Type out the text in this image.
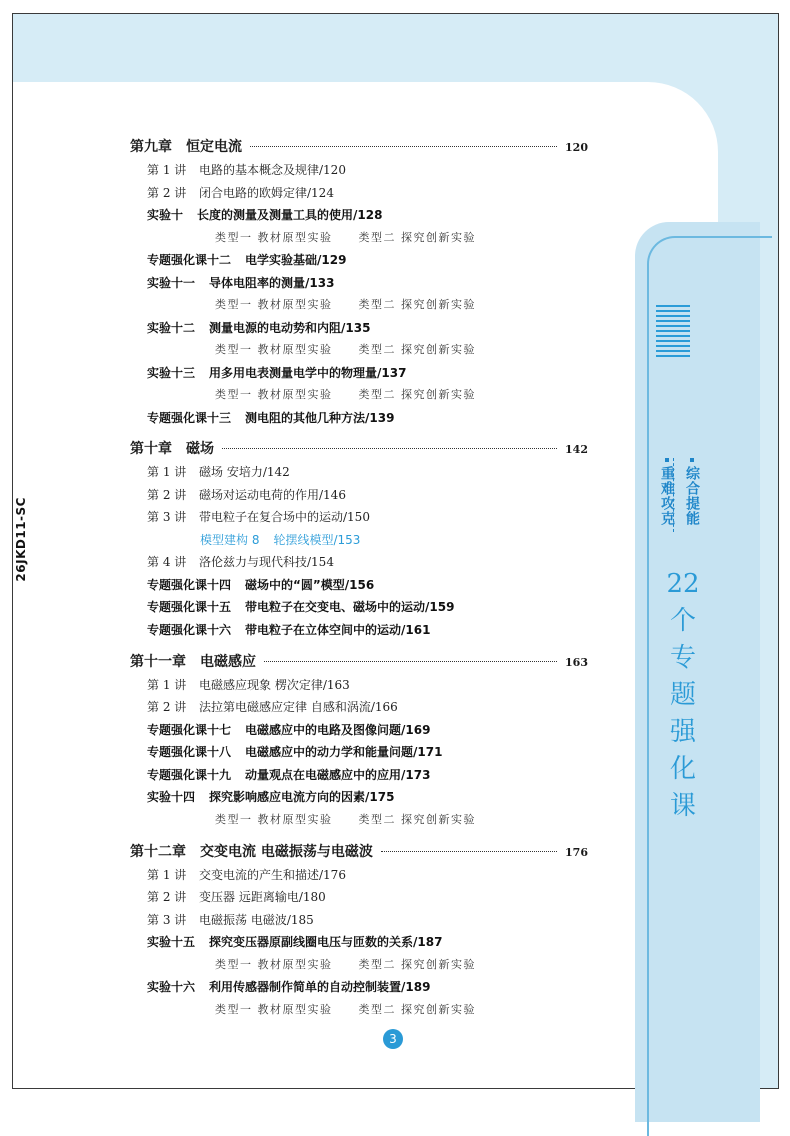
综合提能
重难攻克
22
个
专
题
强
化
课
26JKD11-SC
第九章 恒定电流	120
第 1 讲 电路的基本概念及规律/120
第 2 讲 闭合电路的欧姆定律/124
实验十 长度的测量及测量工具的使用/128
类型一 教材原型实验 类型二 探究创新实验
专题强化课十二 电学实验基础/129
实验十一 导体电阻率的测量/133
类型一 教材原型实验 类型二 探究创新实验
实验十二 测量电源的电动势和内阻/135
类型一 教材原型实验 类型二 探究创新实验
实验十三 用多用电表测量电学中的物理量/137
类型一 教材原型实验 类型二 探究创新实验
专题强化课十三 测电阻的其他几种方法/139
第十章 磁场	142
第 1 讲 磁场 安培力/142
第 2 讲 磁场对运动电荷的作用/146
第 3 讲 带电粒子在复合场中的运动/150
模型建构 8 轮摆线模型/153
第 4 讲 洛伦兹力与现代科技/154
专题强化课十四 磁场中的“圆”模型/156
专题强化课十五 带电粒子在交变电、磁场中的运动/159
专题强化课十六 带电粒子在立体空间中的运动/161
第十一章 电磁感应	163
第 1 讲 电磁感应现象 楞次定律/163
第 2 讲 法拉第电磁感应定律 自感和涡流/166
专题强化课十七 电磁感应中的电路及图像问题/169
专题强化课十八 电磁感应中的动力学和能量问题/171
专题强化课十九 动量观点在电磁感应中的应用/173
实验十四 探究影响感应电流方向的因素/175
类型一 教材原型实验 类型二 探究创新实验
第十二章 交变电流 电磁振荡与电磁波	176
第 1 讲 交变电流的产生和描述/176
第 2 讲 变压器 远距离输电/180
第 3 讲 电磁振荡 电磁波/185
实验十五 探究变压器原副线圈电压与匝数的关系/187
类型一 教材原型实验 类型二 探究创新实验
实验十六 利用传感器制作简单的自动控制装置/189
类型一 教材原型实验 类型二 探究创新实验
3
